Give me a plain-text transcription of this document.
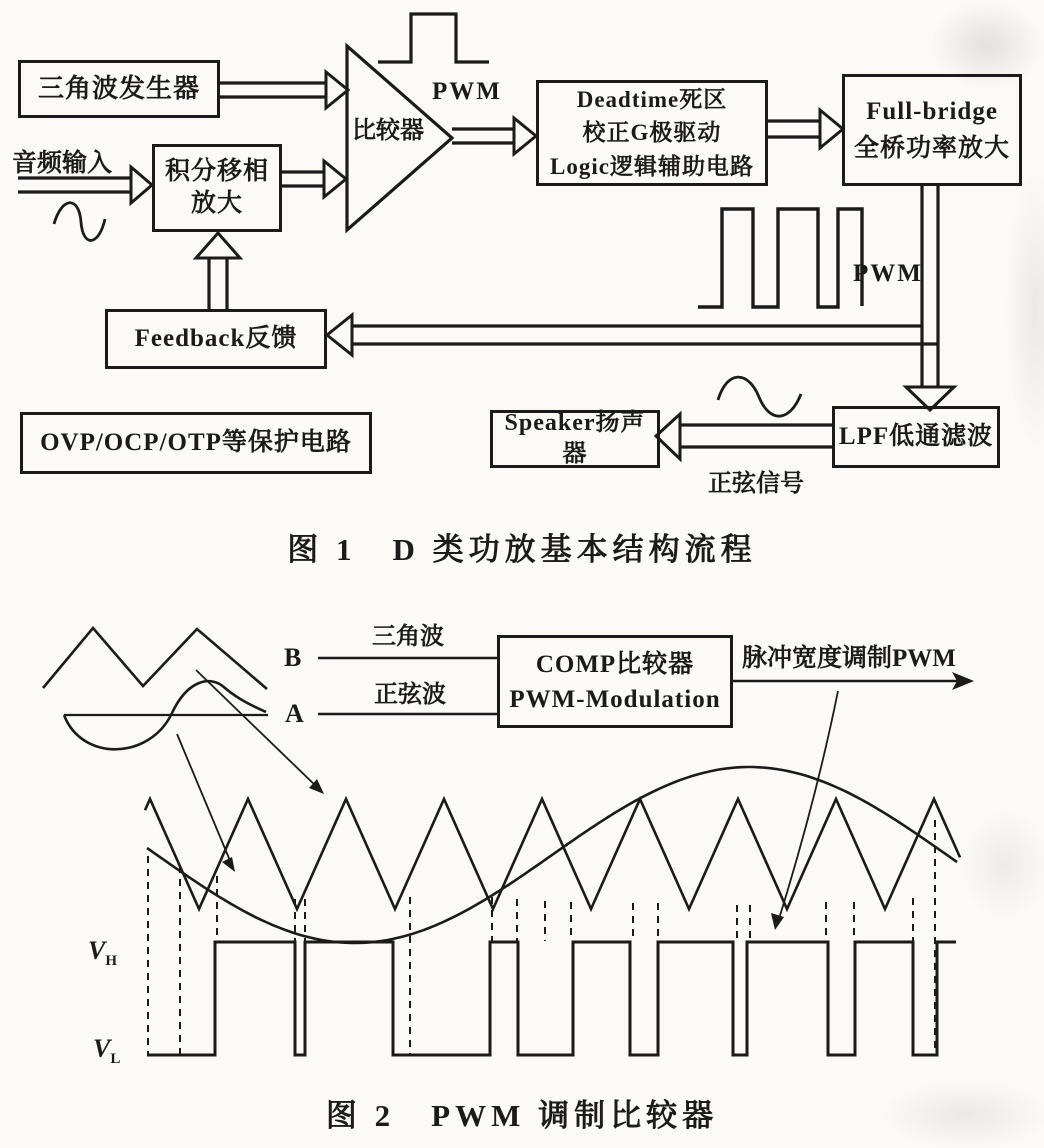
三角波发生器
音频输入 积分移相
放大
比较器
PWM	Deadtime死区
校正G极驱动
Logic逻辑辅助电路
Full-bridge
全桥功率放大
PWM
Feedback反馈
OVP/OCP/OTP等保护电路
Speaker扬声器
LPF低通滤波
正弦信号
图 1　D 类功放基本结构流程
B
A
三角波
正弦波
COMP比较器
PWM-Modulation
脉冲宽度调制PWM
$V_H$
$V_L$
图 2　PWM 调制比较器
